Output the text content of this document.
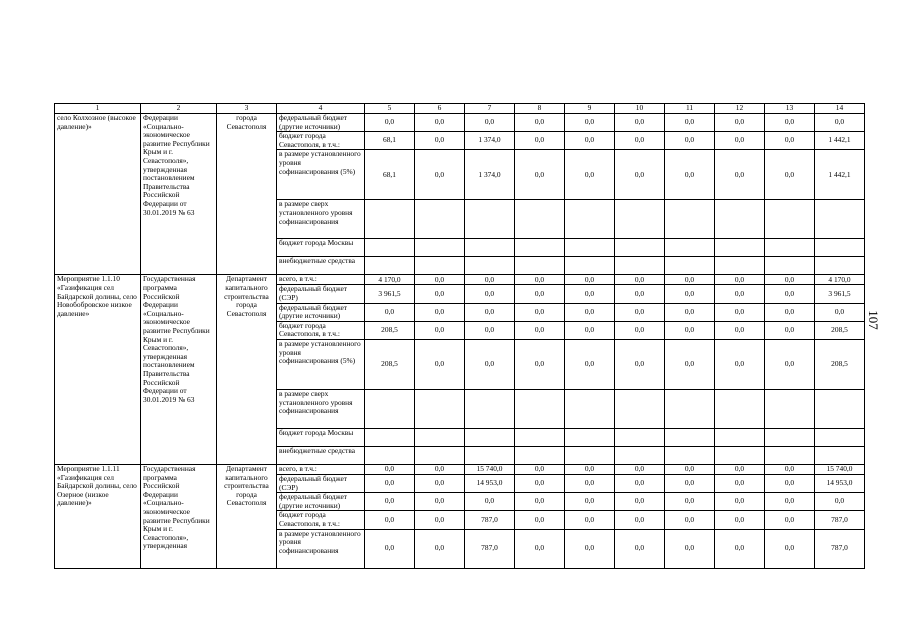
1	2	3	4	5	6	7	8	9	10	11	12	13	14
село Колхозное (высокое давление)»	Федерации «Социально-экономическое развитие Республики Крым и г. Севастополя», утвержденная постановлением Правительства Российской Федерации от 30.01.2019 № 63	города Севастополя	федеральный бюджет (другие источники)	0,0	0,0	0,0	0,0	0,0	0,0	0,0	0,0	0,0	0,0
			бюджет города Севастополя, в т.ч.:	68,1	0,0	1 374,0	0,0	0,0	0,0	0,0	0,0	0,0	1 442,1
			в размере установленного уровня софинансирования (5%)	68,1	0,0	1 374,0	0,0	0,0	0,0	0,0	0,0	0,0	1 442,1
			в размере сверх установленного уровня софинансирования										
			бюджет города Москвы										
			внебюджетные средства										
Мероприятие 1.1.10 «Газификация сел Байдарской долины, село Новобобровское низкое давление»	Государственная программа Российской Федерации «Социально-экономическое развитие Республики Крым и г. Севастополя», утвержденная постановлением Правительства Российской Федерации от 30.01.2019 № 63	Департамент капитального строительства города Севастополя	всего, в т.ч.:	4 170,0	0,0	0,0	0,0	0,0	0,0	0,0	0,0	0,0	4 170,0
			федеральный бюджет (СЭР)	3 961,5	0,0	0,0	0,0	0,0	0,0	0,0	0,0	0,0	3 961,5
			федеральный бюджет (другие источники)	0,0	0,0	0,0	0,0	0,0	0,0	0,0	0,0	0,0	0,0
			бюджет города Севастополя, в т.ч.:	208,5	0,0	0,0	0,0	0,0	0,0	0,0	0,0	0,0	208,5
			в размере установленного уровня софинансирования (5%)	208,5	0,0	0,0	0,0	0,0	0,0	0,0	0,0	0,0	208,5
			в размере сверх установленного уровня софинансирования										
			бюджет города Москвы										
			внебюджетные средства										
Мероприятие 1.1.11 «Газификация сел Байдарской долины, село Озерное (низкое давление)»	Государственная программа Российской Федерации «Социально-экономическое развитие Республики Крым и г. Севастополя», утвержденная	Департамент капитального строительства города Севастополя	всего, в т.ч.:	0,0	0,0	15 740,0	0,0	0,0	0,0	0,0	0,0	0,0	15 740,0
			федеральный бюджет (СЭР)	0,0	0,0	14 953,0	0,0	0,0	0,0	0,0	0,0	0,0	14 953,0
			федеральный бюджет (другие источники)	0,0	0,0	0,0	0,0	0,0	0,0	0,0	0,0	0,0	0,0
			бюджет города Севастополя, в т.ч.:	0,0	0,0	787,0	0,0	0,0	0,0	0,0	0,0	0,0	787,0
			в размере установленного уровня софинансирования	0,0	0,0	787,0	0,0	0,0	0,0	0,0	0,0	0,0	787,0
107
